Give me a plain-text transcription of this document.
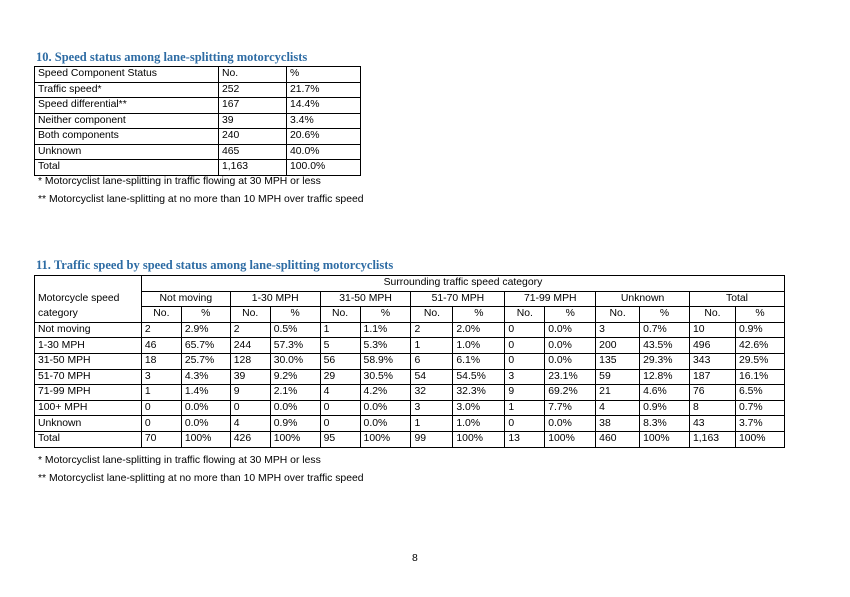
10. Speed status among lane-splitting motorcyclists
Speed Component Status	No.	%
Traffic speed*	252	21.7%
Speed differential**	167	14.4%
Neither component	39	3.4%
Both components	240	20.6%
Unknown	465	40.0%
Total	1,163	100.0%
* Motorcyclist lane-splitting in traffic flowing at 30 MPH or less
** Motorcyclist lane-splitting at no more than 10 MPH over traffic speed
11. Traffic speed by speed status among lane-splitting motorcyclists
	Surrounding traffic speed category													
Motorcycle speed	Not moving		1-30 MPH		31-50 MPH		51-70 MPH		71-99 MPH		Unknown		Total	
category	No.	%	No.	%	No.	%	No.	%	No.	%	No.	%	No.	%
Not moving	2	2.9%	2	0.5%	1	1.1%	2	2.0%	0	0.0%	3	0.7%	10	0.9%
1-30 MPH	46	65.7%	244	57.3%	5	5.3%	1	1.0%	0	0.0%	200	43.5%	496	42.6%
31-50 MPH	18	25.7%	128	30.0%	56	58.9%	6	6.1%	0	0.0%	135	29.3%	343	29.5%
51-70 MPH	3	4.3%	39	9.2%	29	30.5%	54	54.5%	3	23.1%	59	12.8%	187	16.1%
71-99 MPH	1	1.4%	9	2.1%	4	4.2%	32	32.3%	9	69.2%	21	4.6%	76	6.5%
100+ MPH	0	0.0%	0	0.0%	0	0.0%	3	3.0%	1	7.7%	4	0.9%	8	0.7%
Unknown	0	0.0%	4	0.9%	0	0.0%	1	1.0%	0	0.0%	38	8.3%	43	3.7%
Total	70	100%	426	100%	95	100%	99	100%	13	100%	460	100%	1,163	100%
* Motorcyclist lane-splitting in traffic flowing at 30 MPH or less
** Motorcyclist lane-splitting at no more than 10 MPH over traffic speed
8
